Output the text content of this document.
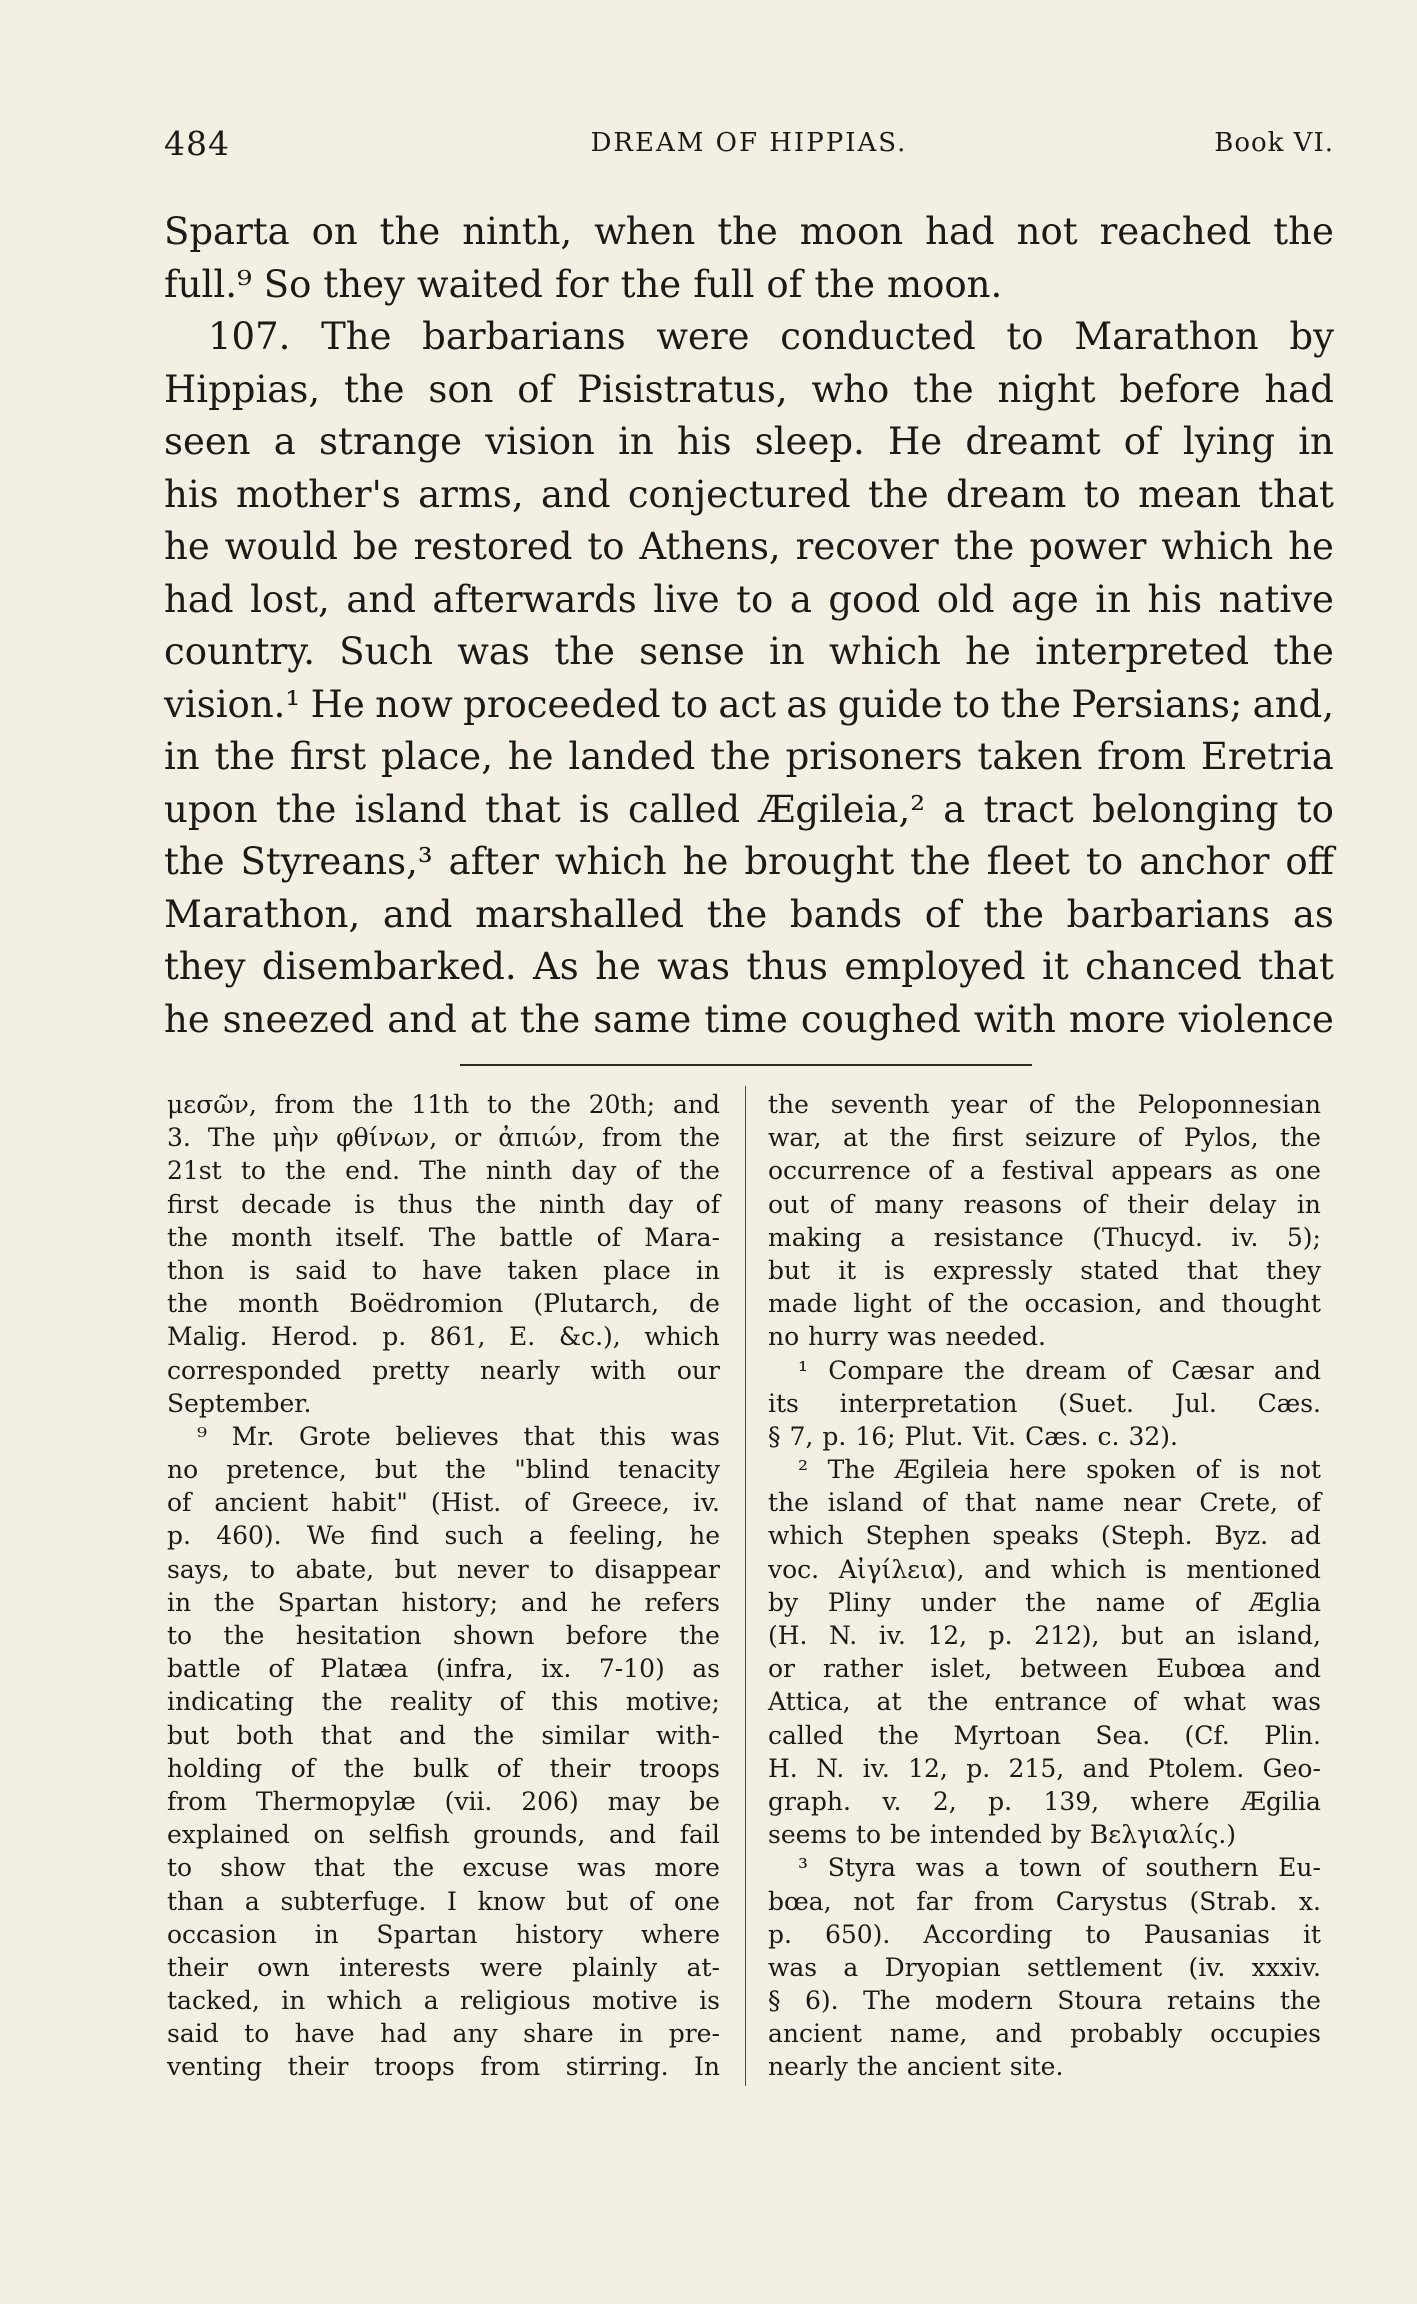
484	DREAM OF HIPPIAS.	Book VI.
Sparta on the ninth, when the moon had not reached the
full.⁹ So they waited for the full of the moon.
107. The barbarians were conducted to Marathon by
Hippias, the son of Pisistratus, who the night before had
seen a strange vision in his sleep. He dreamt of lying in
his mother's arms, and conjectured the dream to mean that
he would be restored to Athens, recover the power which he
had lost, and afterwards live to a good old age in his native
country. Such was the sense in which he interpreted the
vision.¹ He now proceeded to act as guide to the Persians; and,
in the first place, he landed the prisoners taken from Eretria
upon the island that is called Ægileia,² a tract belonging to
the Styreans,³ after which he brought the fleet to anchor off
Marathon, and marshalled the bands of the barbarians as
they disembarked. As he was thus employed it chanced that
he sneezed and at the same time coughed with more violence
μεσῶν, from the 11th to the 20th; and
3. The μὴν φθίνων, or ἀπιών, from the
21st to the end. The ninth day of the
first decade is thus the ninth day of
the month itself. The battle of Mara-
thon is said to have taken place in
the month Boëdromion (Plutarch, de
Malig. Herod. p. 861, E. &c.), which
corresponded pretty nearly with our
September.
⁹ Mr. Grote believes that this was
no pretence, but the "blind tenacity
of ancient habit" (Hist. of Greece, iv.
p. 460). We find such a feeling, he
says, to abate, but never to disappear
in the Spartan history; and he refers
to the hesitation shown before the
battle of Platæa (infra, ix. 7-10) as
indicating the reality of this motive;
but both that and the similar with-
holding of the bulk of their troops
from Thermopylæ (vii. 206) may be
explained on selfish grounds, and fail
to show that the excuse was more
than a subterfuge. I know but of one
occasion in Spartan history where
their own interests were plainly at-
tacked, in which a religious motive is
said to have had any share in pre-
venting their troops from stirring. In
the seventh year of the Peloponnesian
war, at the first seizure of Pylos, the
occurrence of a festival appears as one
out of many reasons of their delay in
making a resistance (Thucyd. iv. 5);
but it is expressly stated that they
made light of the occasion, and thought
no hurry was needed.
¹ Compare the dream of Cæsar and
its interpretation (Suet. Jul. Cæs.
§ 7, p. 16; Plut. Vit. Cæs. c. 32).
² The Ægileia here spoken of is not
the island of that name near Crete, of
which Stephen speaks (Steph. Byz. ad
voc. Αἰγίλεια), and which is mentioned
by Pliny under the name of Æglia
(H. N. iv. 12, p. 212), but an island,
or rather islet, between Eubœa and
Attica, at the entrance of what was
called the Myrtoan Sea. (Cf. Plin.
H. N. iv. 12, p. 215, and Ptolem. Geo-
graph. v. 2, p. 139, where Ægilia
seems to be intended by Βελγιαλίς.)
³ Styra was a town of southern Eu-
bœa, not far from Carystus (Strab. x.
p. 650). According to Pausanias it
was a Dryopian settlement (iv. xxxiv.
§ 6). The modern Stoura retains the
ancient name, and probably occupies
nearly the ancient site.
